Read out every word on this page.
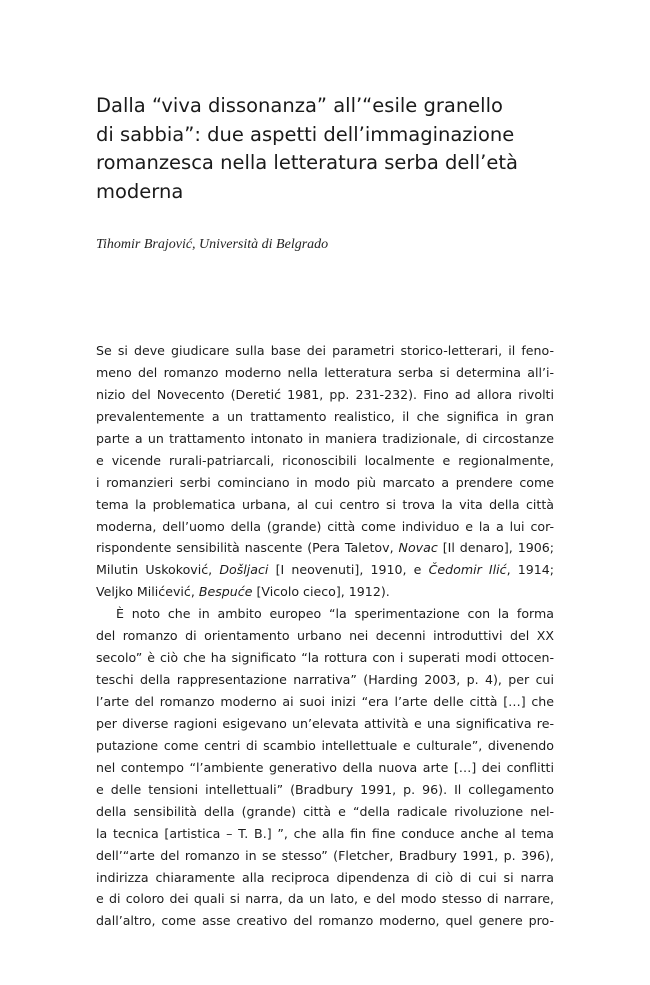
Dalla “viva dissonanza” all’“esile granello
di sabbia”: due aspetti dell’immaginazione
romanzesca nella letteratura serba dell’età
moderna

Tihomir Brajović, Università di Belgrado

Se si deve giudicare sulla base dei parametri storico-letterari, il feno-
meno del romanzo moderno nella letteratura serba si determina all’i-
nizio del Novecento (Deretić 1981, pp. 231-232). Fino ad allora rivolti
prevalentemente a un trattamento realistico, il che significa in gran
parte a un trattamento intonato in maniera tradizionale, di circostanze
e vicende rurali-patriarcali, riconoscibili localmente e regionalmente,
i romanzieri serbi cominciano in modo più marcato a prendere come
tema la problematica urbana, al cui centro si trova la vita della città
moderna, dell’uomo della (grande) città come individuo e la a lui cor-
rispondente sensibilità nascente (Pera Taletov, Novac [Il denaro], 1906;
Milutin Uskoković, Došljaci [I neovenuti], 1910, e Čedomir Ilić, 1914;
Veljko Milićević, Bespuće [Vicolo cieco], 1912).
È noto che in ambito europeo “la sperimentazione con la forma
del romanzo di orientamento urbano nei decenni introduttivi del XX
secolo” è ciò che ha significato “la rottura con i superati modi ottocen-
teschi della rappresentazione narrativa” (Harding 2003, p. 4), per cui
l’arte del romanzo moderno ai suoi inizi “era l’arte delle città […] che
per diverse ragioni esigevano un’elevata attività e una significativa re-
putazione come centri di scambio intellettuale e culturale”, divenendo
nel contempo “l’ambiente generativo della nuova arte […] dei conflitti
e delle tensioni intellettuali” (Bradbury 1991, p. 96). Il collegamento
della sensibilità della (grande) città e “della radicale rivoluzione nel-
la tecnica [artistica – T. B.] ”, che alla fin fine conduce anche al tema
dell’“arte del romanzo in se stesso” (Fletcher, Bradbury 1991, p. 396),
indirizza chiaramente alla reciproca dipendenza di ciò di cui si narra
e di coloro dei quali si narra, da un lato, e del modo stesso di narrare,
dall’altro, come asse creativo del romanzo moderno, quel genere pro-
